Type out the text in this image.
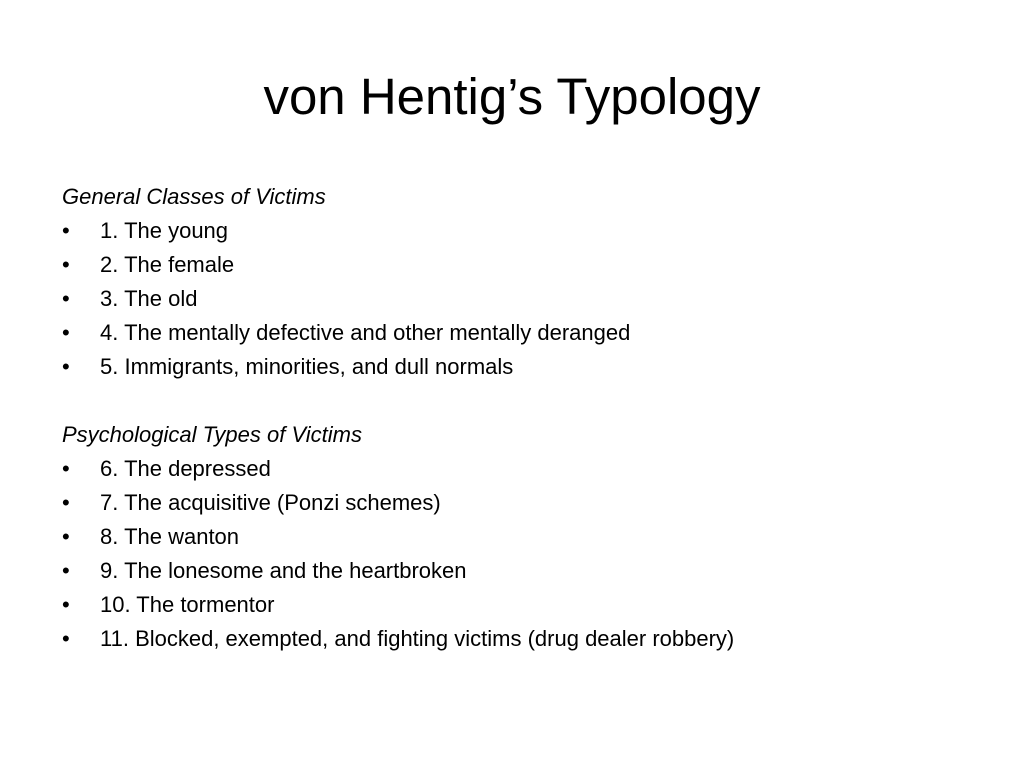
von Hentig’s Typology
General Classes of Victims
• 1. The young
• 2. The female
• 3. The old
• 4. The mentally defective and other mentally deranged
• 5. Immigrants, minorities, and dull normals
Psychological Types of Victims
• 6. The depressed
• 7. The acquisitive (Ponzi schemes)
• 8. The wanton
• 9. The lonesome and the heartbroken
• 10. The tormentor
• 11. Blocked, exempted, and fighting victims (drug dealer robbery)
